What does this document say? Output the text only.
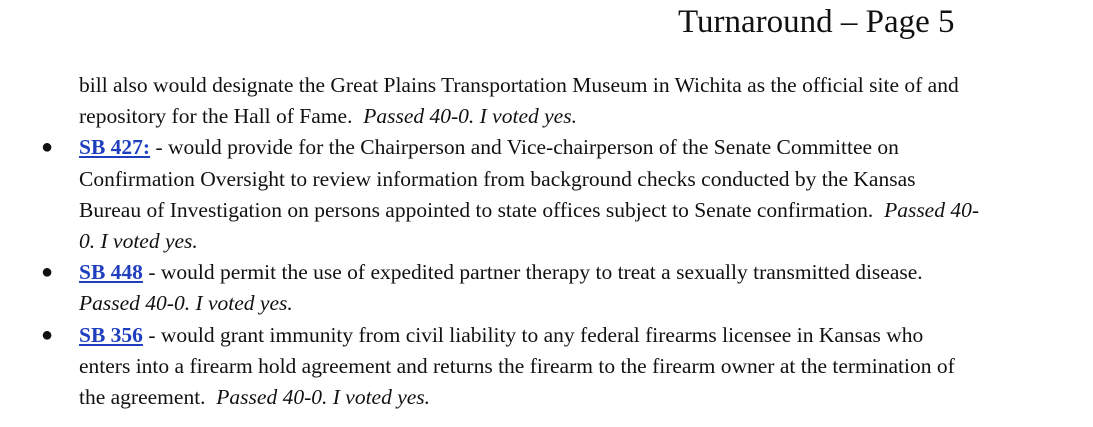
Turnaround – Page 5
bill also would designate the Great Plains Transportation Museum in Wichita as the official site of and repository for the Hall of Fame. Passed 40-0. I voted yes.
● SB 427: - would provide for the Chairperson and Vice-chairperson of the Senate Committee on Confirmation Oversight to review information from background checks conducted by the Kansas Bureau of Investigation on persons appointed to state offices subject to Senate confirmation. Passed 40-0. I voted yes.
● SB 448 - would permit the use of expedited partner therapy to treat a sexually transmitted disease.  Passed 40-0. I voted yes.
● SB 356 - would grant immunity from civil liability to any federal firearms licensee in Kansas who enters into a firearm hold agreement and returns the firearm to the firearm owner at the termination of the agreement. Passed 40-0. I voted yes.
